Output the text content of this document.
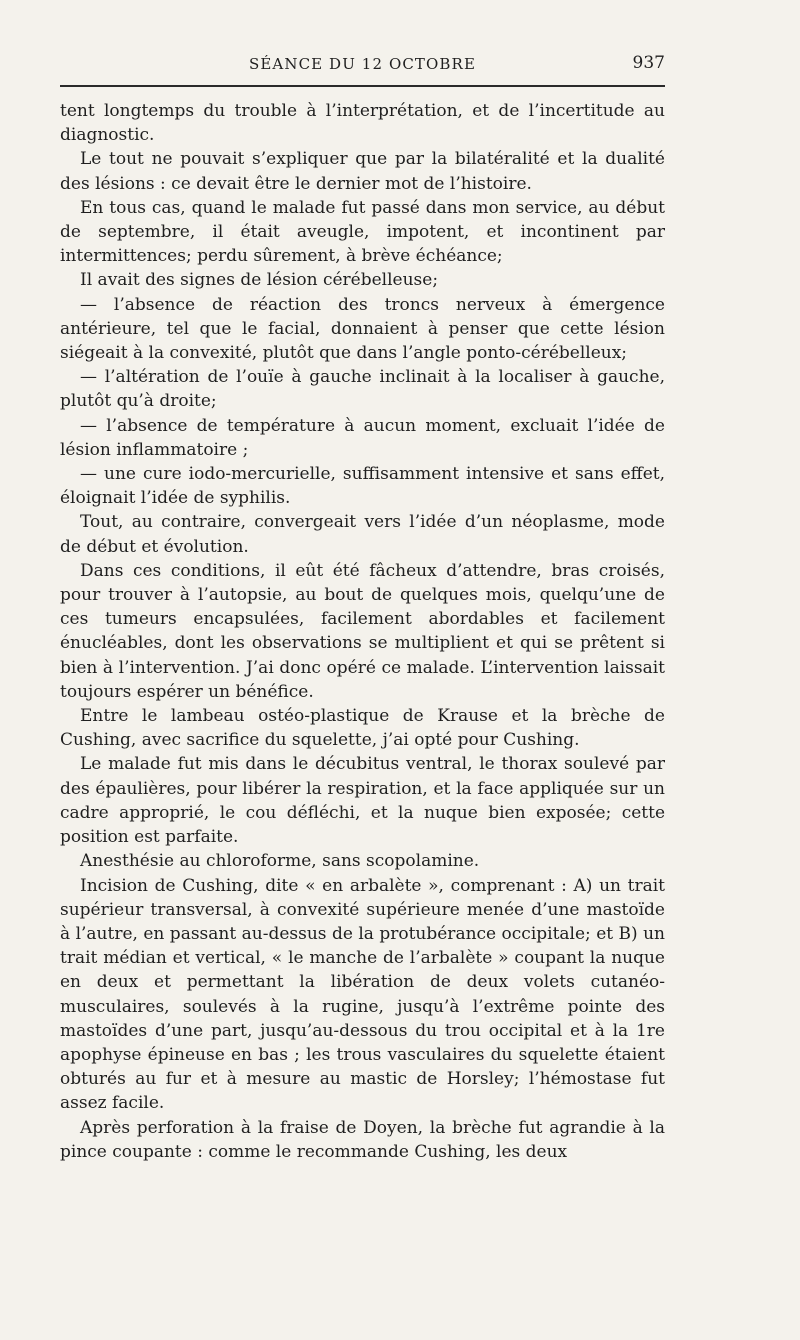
SÉANCE DU 12 OCTOBRE	937

tent longtemps du trouble à l’interprétation, et de l’incertitude au diagnostic.

Le tout ne pouvait s’expliquer que par la bilatéralité et la dualité des lésions : ce devait être le dernier mot de l’histoire.

En tous cas, quand le malade fut passé dans mon service, au début de septembre, il était aveugle, impotent, et incontinent par intermittences; perdu sûrement, à brève échéance;

Il avait des signes de lésion cérébelleuse;

— l’absence de réaction des troncs nerveux à émergence antérieure, tel que le facial, donnaient à penser que cette lésion siégeait à la convexité, plutôt que dans l’angle ponto-cérébelleux;

— l’altération de l’ouïe à gauche inclinait à la localiser à gauche, plutôt qu’à droite;

— l’absence de température à aucun moment, excluait l’idée de lésion inflammatoire ;

— une cure iodo-mercurielle, suffisamment intensive et sans effet, éloignait l’idée de syphilis.

Tout, au contraire, convergeait vers l’idée d’un néoplasme, mode de début et évolution.

Dans ces conditions, il eût été fâcheux d’attendre, bras croisés, pour trouver à l’autopsie, au bout de quelques mois, quelqu’une de ces tumeurs encapsulées, facilement abordables et facilement énucléables, dont les observations se multiplient et qui se prêtent si bien à l’intervention. J’ai donc opéré ce malade. L’intervention laissait toujours espérer un bénéfice.

Entre le lambeau ostéo-plastique de Krause et la brèche de Cushing, avec sacrifice du squelette, j’ai opté pour Cushing.

Le malade fut mis dans le décubitus ventral, le thorax soulevé par des épaulières, pour libérer la respiration, et la face appliquée sur un cadre approprié, le cou défléchi, et la nuque bien exposée; cette position est parfaite.

Anesthésie au chloroforme, sans scopolamine.

Incision de Cushing, dite « en arbalète », comprenant : A) un trait supérieur transversal, à convexité supérieure menée d’une mastoïde à l’autre, en passant au-dessus de la protubérance occipitale; et B) un trait médian et vertical, « le manche de l’arbalète » coupant la nuque en deux et permettant la libération de deux volets cutanéo-musculaires, soulevés à la rugine, jusqu’à l’extrême pointe des mastoïdes d’une part, jusqu’au-dessous du trou occipital et à la 1re apophyse épineuse en bas ; les trous vasculaires du squelette étaient obturés au fur et à mesure au mastic de Horsley; l’hémostase fut assez facile.

Après perforation à la fraise de Doyen, la brèche fut agrandie à la pince coupante : comme le recommande Cushing, les deux
